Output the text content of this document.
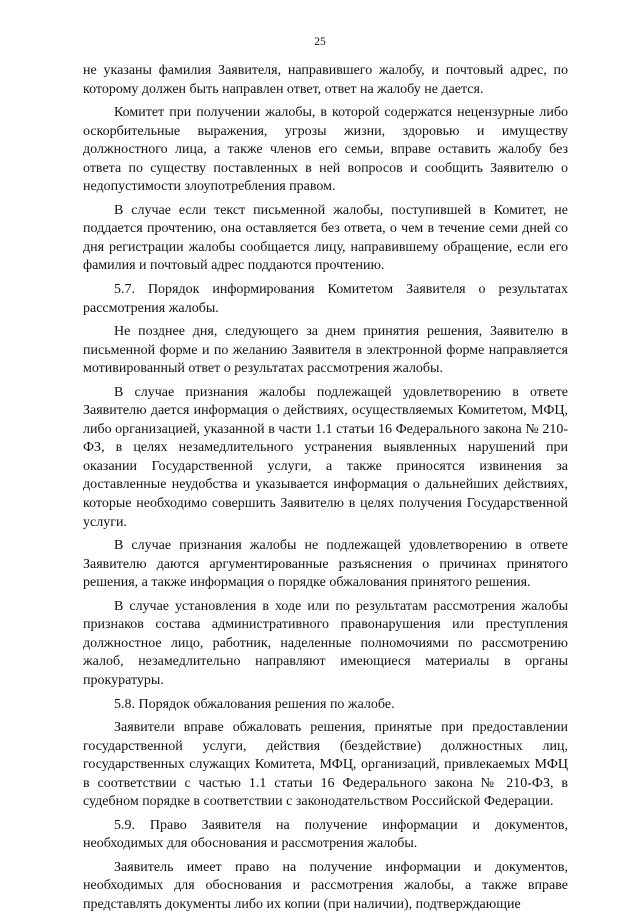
25

не указаны фамилия Заявителя, направившего жалобу, и почтовый адрес, по которому должен быть направлен ответ, ответ на жалобу не дается.

Комитет при получении жалобы, в которой содержатся нецензурные либо оскорбительные выражения, угрозы жизни, здоровью и имуществу должностного лица, а также членов его семьи, вправе оставить жалобу без ответа по существу поставленных в ней вопросов и сообщить Заявителю о недопустимости злоупотребления правом.

В случае если текст письменной жалобы, поступившей в Комитет, не поддается прочтению, она оставляется без ответа, о чем в течение семи дней со дня регистрации жалобы сообщается лицу, направившему обращение, если его фамилия и почтовый адрес поддаются прочтению.

5.7. Порядок информирования Комитетом Заявителя о результатах рассмотрения жалобы.

Не позднее дня, следующего за днем принятия решения, Заявителю в письменной форме и по желанию Заявителя в электронной форме направляется мотивированный ответ о результатах рассмотрения жалобы.

В случае признания жалобы подлежащей удовлетворению в ответе Заявителю дается информация о действиях, осуществляемых Комитетом, МФЦ, либо организацией, указанной в части 1.1 статьи 16 Федерального закона № 210-ФЗ, в целях незамедлительного устранения выявленных нарушений при оказании Государственной услуги, а также приносятся извинения за доставленные неудобства и указывается информация о дальнейших действиях, которые необходимо совершить Заявителю в целях получения Государственной услуги.

В случае признания жалобы не подлежащей удовлетворению в ответе Заявителю даются аргументированные разъяснения о причинах принятого решения, а также информация о порядке обжалования принятого решения.

В случае установления в ходе или по результатам рассмотрения жалобы признаков состава административного правонарушения или преступления должностное лицо, работник, наделенные полномочиями по рассмотрению жалоб, незамедлительно направляют имеющиеся материалы в органы прокуратуры.

5.8. Порядок обжалования решения по жалобе.

Заявители вправе обжаловать решения, принятые при предоставлении государственной услуги, действия (бездействие) должностных лиц, государственных служащих Комитета, МФЦ, организаций, привлекаемых МФЦ в соответствии с частью 1.1 статьи 16 Федерального закона № 210-ФЗ, в судебном порядке в соответствии с законодательством Российской Федерации.

5.9. Право Заявителя на получение информации и документов, необходимых для обоснования и рассмотрения жалобы.

Заявитель имеет право на получение информации и документов, необходимых для обоснования и рассмотрения жалобы, а также вправе представлять документы либо их копии (при наличии), подтверждающие
